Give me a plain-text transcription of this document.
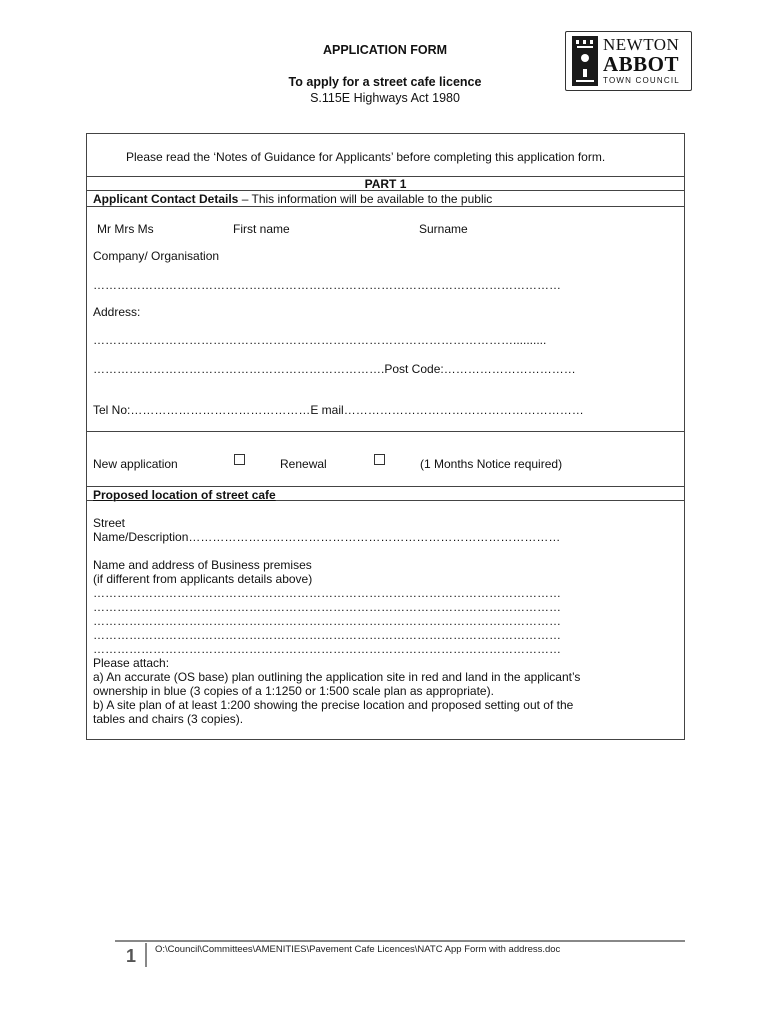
APPLICATION FORM
To apply for a street cafe licence
S.115E Highways Act 1980
NEWTON
ABBOT
TOWN COUNCIL
Please read the ‘Notes of Guidance for Applicants’ before completing this application form.
PART 1
Applicant Contact Details – This information will be available to the public
Mr Mrs Ms	First name	Surname
Company/ Organisation
………………………………………………………………………………………………………
Address:
……………………………………………………………………………………………..........
……………………………………………………………….Post Code:……………………………
Tel No:………………………………………E mail……………………………………………………
New application	Renewal	(1 Months Notice required)
Proposed location of street cafe
Street
Name/Description…………………………………………………………………………………
Name and address of Business premises
(if different from applicants details above)
………………………………………………………………………………………………………
………………………………………………………………………………………………………
………………………………………………………………………………………………………
………………………………………………………………………………………………………
………………………………………………………………………………………………………
Please attach:
a) An accurate (OS base) plan outlining the application site in red and land in the applicant’s
ownership in blue (3 copies of a 1:1250 or 1:500 scale plan as appropriate).
b) A site plan of at least 1:200 showing the precise location and proposed setting out of the
tables and chairs (3 copies).
1 O:\Council\Committees\AMENITIES\Pavement Cafe Licences\NATC App Form with address.doc
